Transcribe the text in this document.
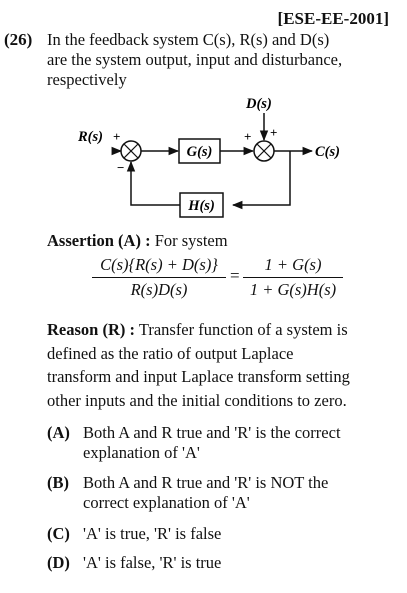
[ESE-EE-2001]
(26) In the feedback system C(s), R(s) and D(s)
are the system output, input and disturbance,
respectively
R(s) +
−
G(s)
+ +
D(s)
C(s)
H(s)
Assertion (A) : For system
$\frac{C(s)\{R(s) + D(s)\}}{R(s)D(s)} = \frac{1 + G(s)}{1 + G(s)H(s)}$
Reason (R) : Transfer function of a system is
defined as the ratio of output Laplace
transform and input Laplace transform setting
other inputs and the initial conditions to zero.
(A) Both A and R true and 'R' is the correct
explanation of 'A'
(B) Both A and R true and 'R' is NOT the
correct explanation of 'A'
(C) 'A' is true, 'R' is false
(D) 'A' is false, 'R' is true
